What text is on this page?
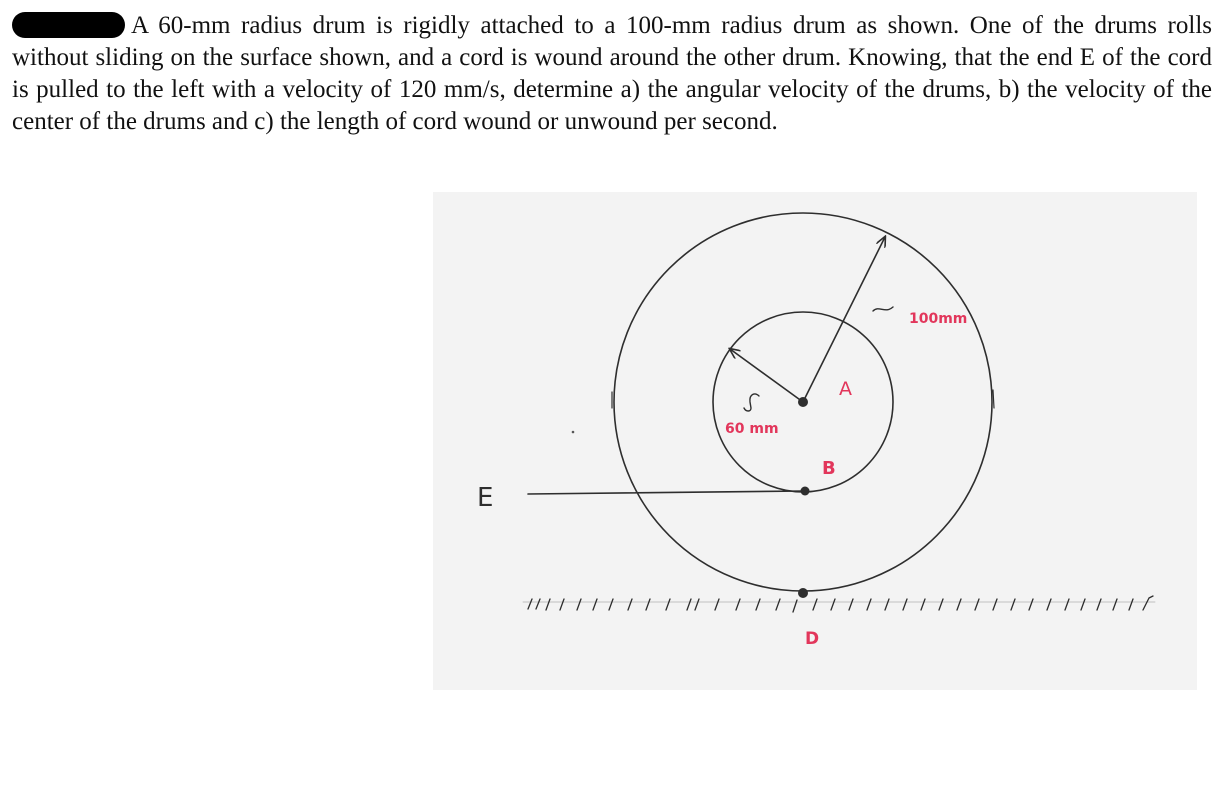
A 60-mm radius drum is rigidly attached to a 100-mm radius drum as shown. One of the drums rolls without sliding on the surface shown, and a cord is wound around the other drum. Knowing, that the end E of the cord is pulled to the left with a velocity of 120 mm/s, determine a) the angular velocity of the drums, b) the velocity of the center of the drums and c) the length of cord wound or unwound per second.

A
B
D
E
60 mm
100mm
